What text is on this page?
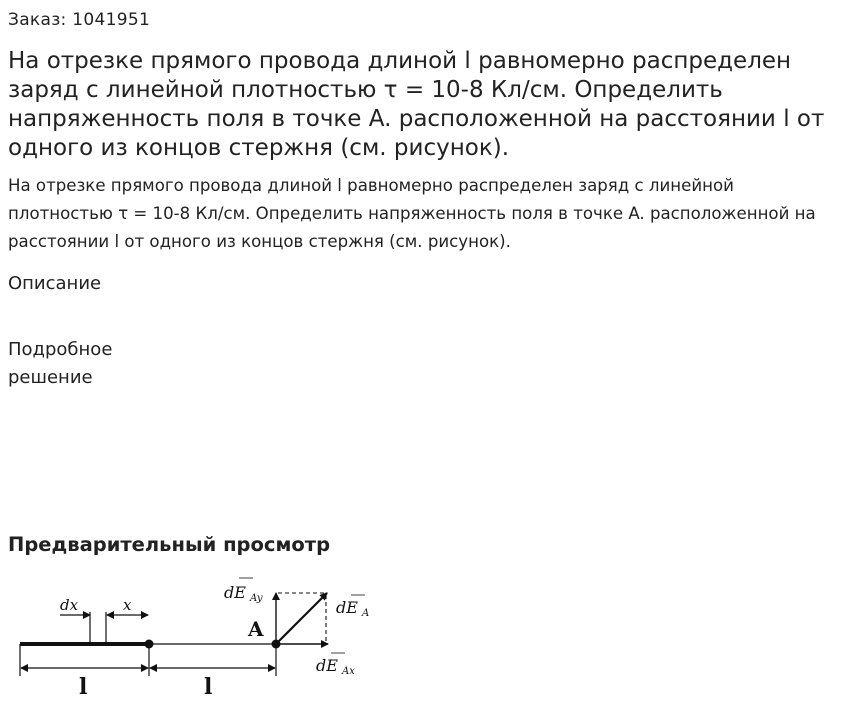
Заказ: 1041951
На отрезке прямого провода длиной l равномерно распределен заряд с линейной плотностью τ = 10-8 Кл/см. Определить напряженность поля в точке A. расположенной на расстоянии l от одного из концов стержня (см. рисунок).

На отрезке прямого провода длиной l равномерно распределен заряд с линейной плотностью τ = 10-8 Кл/см. Определить напряженность поля в точке A. расположенной на расстоянии l от одного из концов стержня (см. рисунок).

Описание
Подробное решение
Предварительный просмотр
dx	x
A
dE Ay	dE A
dE Ax
l	l
